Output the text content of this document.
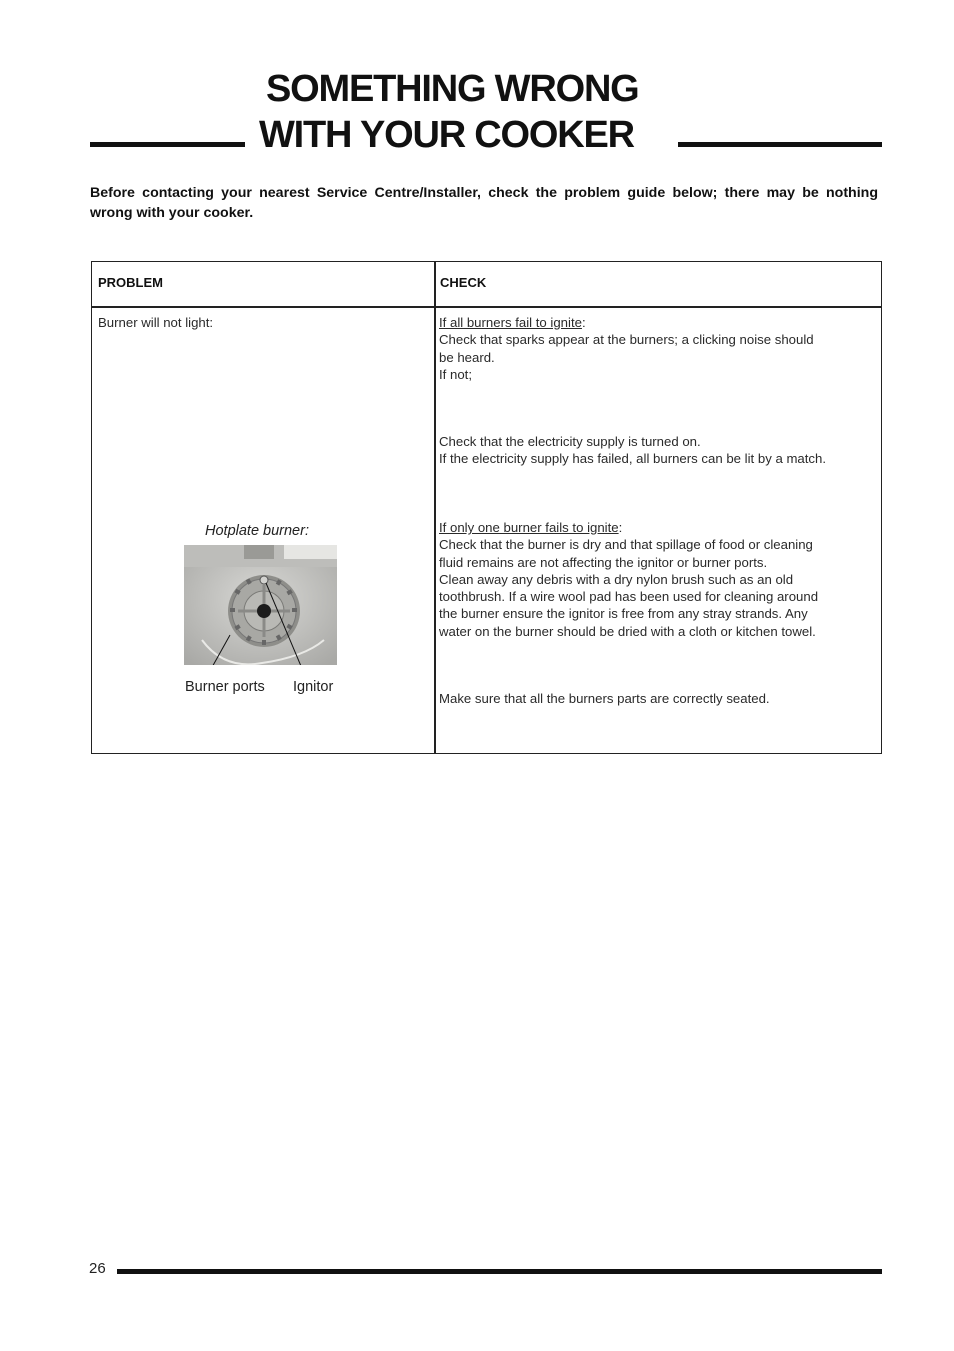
SOMETHING WRONG
WITH YOUR COOKER

Before contacting your nearest Service Centre/Installer, check the problem guide below; there may be nothing wrong with your cooker.

PROBLEM	CHECK
Burner will not light:
Hotplate burner:
Burner ports Ignitor
If all burners fail to ignite:
Check that sparks appear at the burners; a clicking noise should
be heard.
If not;
Check that the electricity supply is turned on.
If the electricity supply has failed, all burners can be lit by a match.
If only one burner fails to ignite:
Check that the burner is dry and that spillage of food or cleaning
fluid remains are not affecting the ignitor or burner ports.
Clean away any debris with a dry nylon brush such as an old
toothbrush. If a wire wool pad has been used for cleaning around
the burner ensure the ignitor is free from any stray strands. Any
water on the burner should be dried with a cloth or kitchen towel.
Make sure that all the burners parts are correctly seated.
26
